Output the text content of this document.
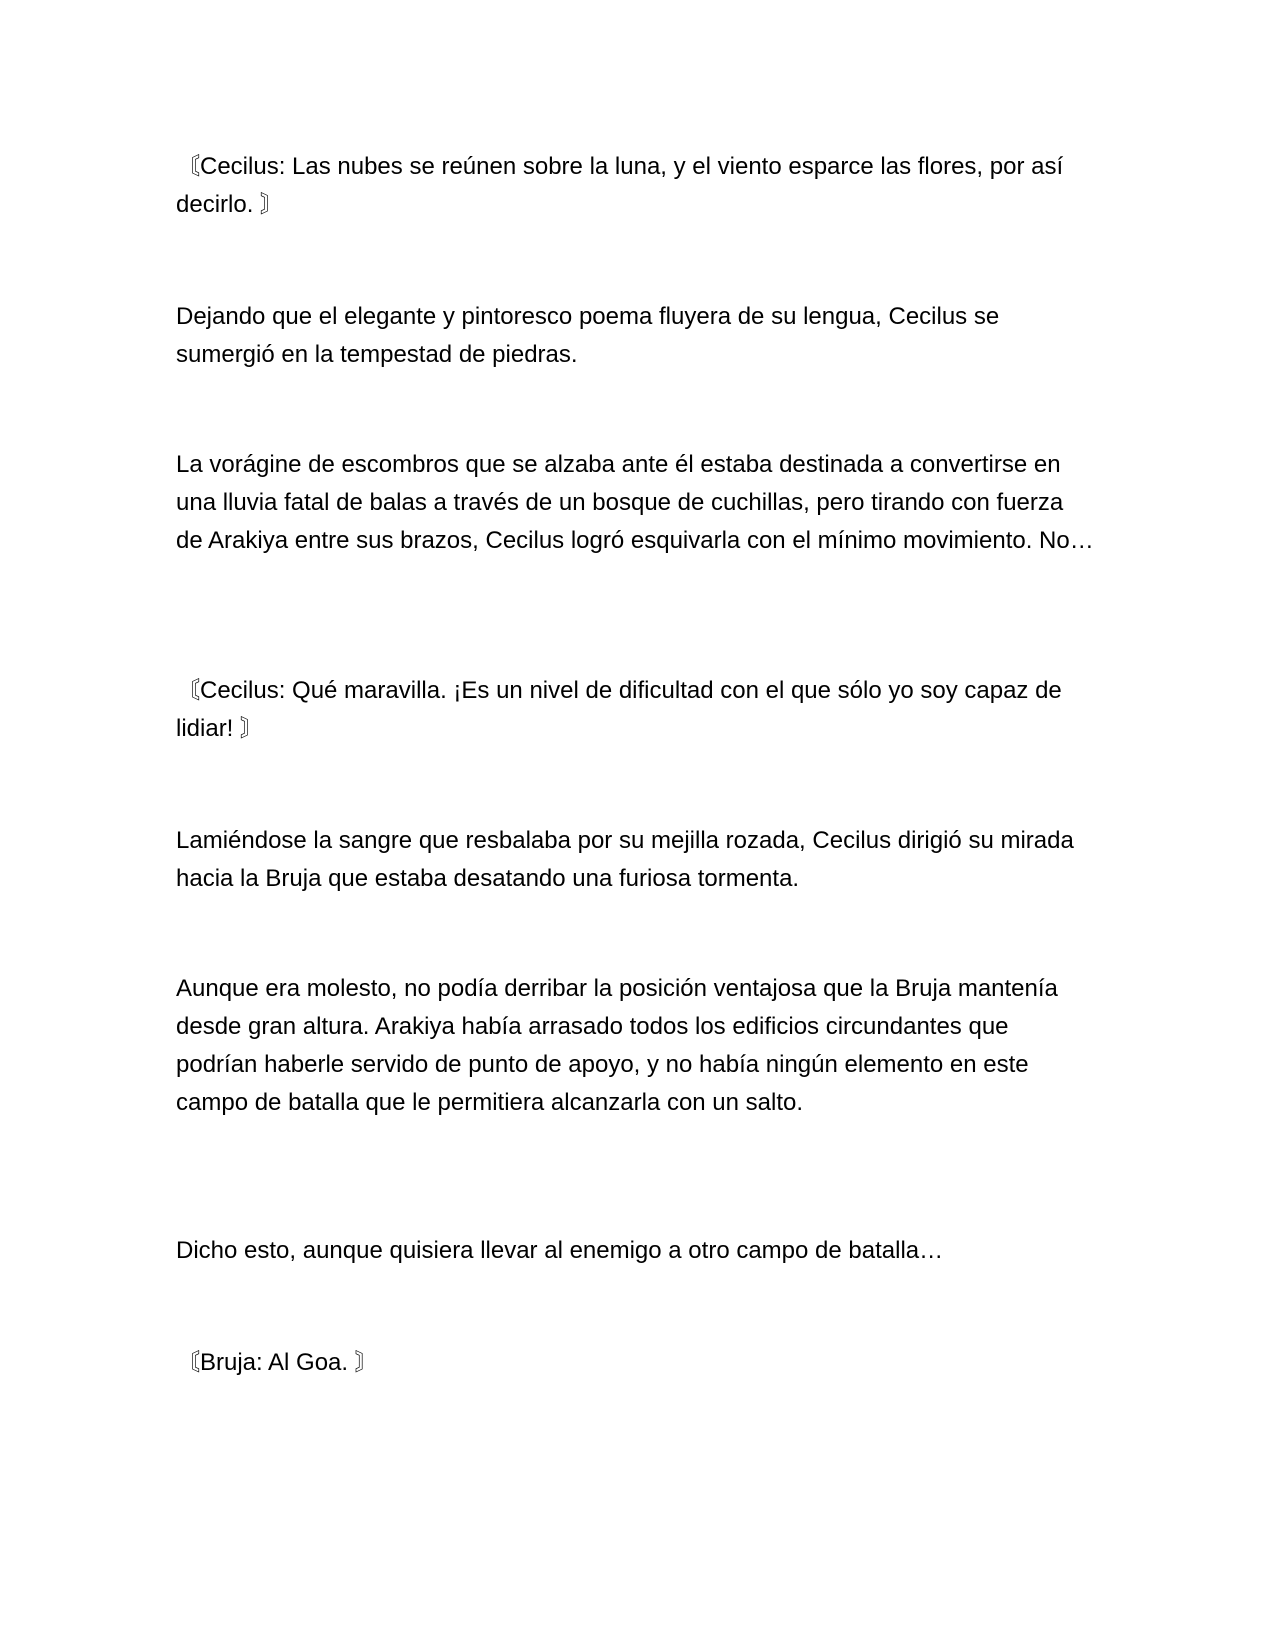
〘Cecilus: Las nubes se reúnen sobre la luna, y el viento esparce las flores, por así decirlo. 〙

Dejando que el elegante y pintoresco poema fluyera de su lengua, Cecilus se sumergió en la tempestad de piedras.

La vorágine de escombros que se alzaba ante él estaba destinada a convertirse en una lluvia fatal de balas a través de un bosque de cuchillas, pero tirando con fuerza de Arakiya entre sus brazos, Cecilus logró esquivarla con el mínimo movimiento. No…

〘Cecilus: Qué maravilla. ¡Es un nivel de dificultad con el que sólo yo soy capaz de lidiar! 〙

Lamiéndose la sangre que resbalaba por su mejilla rozada, Cecilus dirigió su mirada hacia la Bruja que estaba desatando una furiosa tormenta.

Aunque era molesto, no podía derribar la posición ventajosa que la Bruja mantenía desde gran altura. Arakiya había arrasado todos los edificios circundantes que podrían haberle servido de punto de apoyo, y no había ningún elemento en este campo de batalla que le permitiera alcanzarla con un salto.

Dicho esto, aunque quisiera llevar al enemigo a otro campo de batalla…

〘Bruja: Al Goa. 〙
